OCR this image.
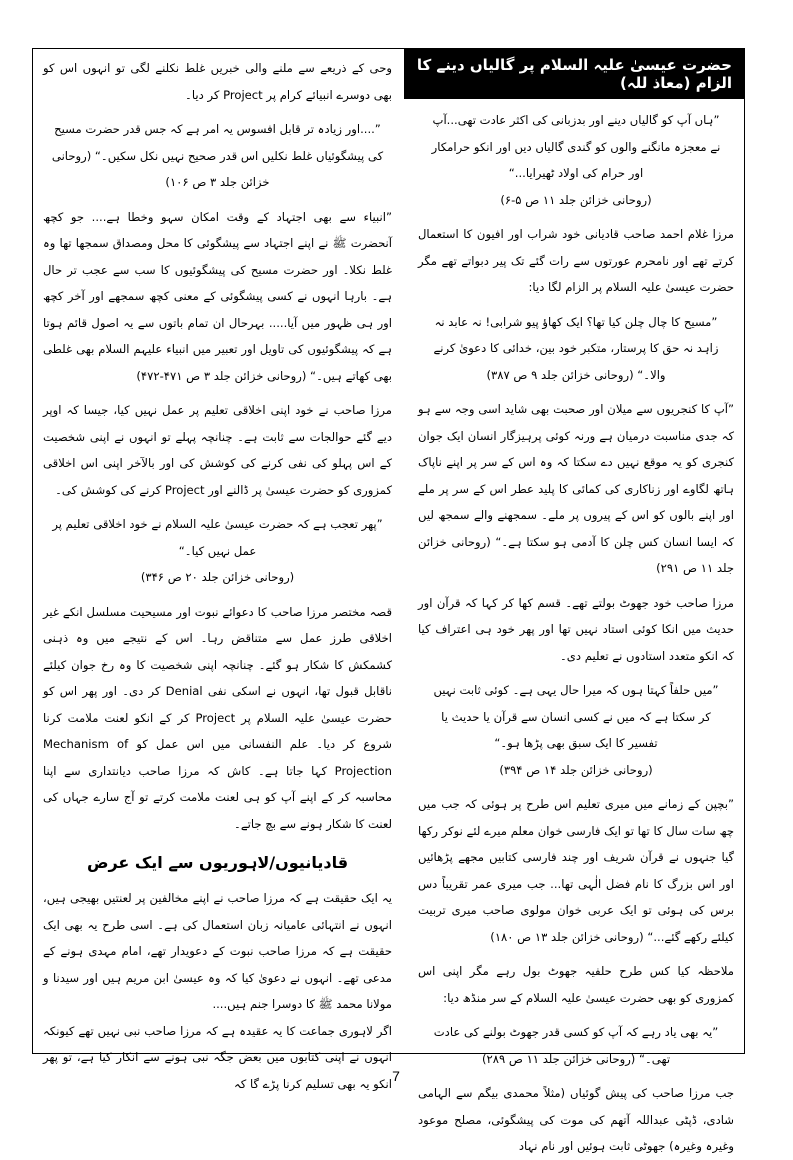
حضرت عیسیٰ علیہ السلام پر گالیاں دینے کا الزام (معاذ للہ)

”ہاں آپ کو گالیاں دینے اور بدزبانی کی اکثر عادت تھی...آپ نے معجزہ مانگنے والوں کو گندی گالیاں دیں اور انکو حرامکار اور حرام کی اولاد ٹھیرایا...“

(روحانی خزائن جلد ۱۱ ص ۵-۶)

مرزا غلام احمد صاحب قادیانی خود شراب اور افیون کا استعمال کرتے تھے اور نامحرم عورتوں سے رات گئے تک پیر دبواتے تھے مگر حضرت عیسیٰ علیہ السلام پر الزام لگا دیا:

”مسیح کا چال چلن کیا تھا؟ ایک کھاؤ پیو شرابی! نہ عابد نہ زاہد نہ حق کا پرستار، متکبر خود بین، خدائی کا دعویٰ کرنے والا۔“ (روحانی خزائن جلد ۹ ص ۳۸۷)

”آپ کا کنجریوں سے میلان اور صحبت بھی شاید اسی وجہ سے ہو کہ جدی مناسبت درمیان ہے ورنہ کوئی پرہیزگار انسان ایک جوان کنجری کو یہ موقع نہیں دے سکتا کہ وہ اس کے سر پر اپنے ناپاک ہاتھ لگاوے اور زناکاری کی کمائی کا پلید عطر اس کے سر پر ملے اور اپنے بالوں کو اس کے پیروں پر ملے۔ سمجھنے والے سمجھ لیں کہ ایسا انسان کس چلن کا آدمی ہو سکتا ہے۔“ (روحانی خزائن جلد ۱۱ ص ۲۹۱)

مرزا صاحب خود جھوٹ بولتے تھے۔ قسم کھا کر کہا کہ قرآن اور حدیث میں انکا کوئی استاد نہیں تھا اور پھر خود ہی اعتراف کیا کہ انکو متعدد استادوں نے تعلیم دی۔

”میں حلفاً کہتا ہوں کہ میرا حال یہی ہے۔ کوئی ثابت نہیں کر سکتا ہے کہ میں نے کسی انسان سے قرآن یا حدیث یا تفسیر کا ایک سبق بھی پڑھا ہو۔“

(روحانی خزائن جلد ۱۴ ص ۳۹۴)

”بچپن کے زمانے میں میری تعلیم اس طرح پر ہوئی کہ جب میں چھ سات سال کا تھا تو ایک فارسی خوان معلم میرے لئے نوکر رکھا گیا جنہوں نے قرآن شریف اور چند فارسی کتابیں مجھے پڑھائیں اور اس بزرگ کا نام فضل الٰہی تھا... جب میری عمر تقریباً دس برس کی ہوئی تو ایک عربی خوان مولوی صاحب میری تربیت کیلئے رکھے گئے...“ (روحانی خزائن جلد ۱۳ ص ۱۸۰)

ملاحظہ کیا کس طرح حلفیہ جھوٹ بول رہے مگر اپنی اس کمزوری کو بھی حضرت عیسیٰ علیہ السلام کے سر منڈھ دیا:

”یہ بھی یاد رہے کہ آپ کو کسی قدر جھوٹ بولنے کی عادت تھی۔“ (روحانی خزائن جلد ۱۱ ص ۲۸۹)

جب مرزا صاحب کی پیش گوئیاں (مثلاً محمدی بیگم سے الہامی شادی، ڈپٹی عبداللہ آتھم کی موت کی پیشگوئی، مصلح موعود وغیرہ وغیرہ) جھوٹی ثابت ہوئیں اور نام نہاد

وحی کے ذریعے سے ملنے والی خبریں غلط نکلنے لگی تو انہوں اس کو بھی دوسرے انبیائے کرام پر Project کر دیا۔

”....اور زیادہ تر قابل افسوس یہ امر ہے کہ جس قدر حضرت مسیح کی پیشگوئیاں غلط نکلیں اس قدر صحیح نہیں نکل سکیں۔“ (روحانی خزائن جلد ۳ ص ۱۰۶)

”انبیاء سے بھی اجتہاد کے وقت امکان سہو وخطا ہے.... جو کچھ آنحضرت ﷺ نے اپنے اجتہاد سے پیشگوئی کا محل ومصداق سمجھا تھا وہ غلط نکلا۔ اور حضرت مسیح کی پیشگوئیوں کا سب سے عجب تر حال ہے۔ بارہا انہوں نے کسی پیشگوئی کے معنی کچھ سمجھے اور آخر کچھ اور ہی ظہور میں آیا..... بہرحال ان تمام باتوں سے یہ اصول قائم ہوتا ہے کہ پیشگوئیوں کی تاویل اور تعبیر میں انبیاء علیہم السلام بھی غلطی بھی کھاتے ہیں۔“ (روحانی خزائن جلد ۳ ص ۴۷۱-۴۷۲)

مرزا صاحب نے خود اپنی اخلاقی تعلیم پر عمل نہیں کیا، جیسا کہ اوپر دیے گئے حوالجات سے ثابت ہے۔ چنانچہ پہلے تو انہوں نے اپنی شخصیت کے اس پہلو کی نفی کرنے کی کوشش کی اور بالآخر اپنی اس اخلاقی کمزوری کو حضرت عیسیٰ پر ڈالنے اور Project کرنے کی کوشش کی۔

”پھر تعجب ہے کہ حضرت عیسیٰ علیہ السلام نے خود اخلاقی تعلیم پر عمل نہیں کیا۔“

(روحانی خزائن جلد ۲۰ ص ۳۴۶)

قصہ مختصر مرزا صاحب کا دعوائے نبوت اور مسیحیت مسلسل انکے غیر اخلاقی طرز عمل سے متناقض رہا۔ اس کے نتیجے میں وہ ذہنی کشمکش کا شکار ہو گئے۔ چنانچہ اپنی شخصیت کا وہ رخ جوان کیلئے ناقابل قبول تھا، انہوں نے اسکی نفی Denial کر دی۔ اور پھر اس کو حضرت عیسیٰ علیہ السلام پر Project کر کے انکو لعنت ملامت کرنا شروع کر دیا۔ علم النفسانی میں اس عمل کو Mechanism of Projection کہا جاتا ہے۔ کاش کہ مرزا صاحب دیانتداری سے اپنا محاسبہ کر کے اپنے آپ کو ہی لعنت ملامت کرتے تو آج سارے جہاں کی لعنت کا شکار ہونے سے بچ جاتے۔

قادیانیوں/لاہوریوں سے ایک عرض

یہ ایک حقیقت ہے کہ مرزا صاحب نے اپنے مخالفین پر لعنتیں بھیجی ہیں، انہوں نے انتہائی عامیانہ زبان استعمال کی ہے۔ اسی طرح یہ بھی ایک حقیقت ہے کہ مرزا صاحب نبوت کے دعویدار تھے، امام مہدی ہونے کے مدعی تھے۔ انہوں نے دعویٰ کیا کہ وہ عیسیٰ ابن مریم ہیں اور سیدنا و مولانا محمد ﷺ کا دوسرا جنم ہیں....

اگر لاہوری جماعت کا یہ عقیدہ ہے کہ مرزا صاحب نبی نہیں تھے کیونکہ انہوں نے اپنی کتابوں میں بعض جگہ نبی ہونے سے انکار کیا ہے، تو پھر انکو یہ بھی تسلیم کرنا پڑے گا کہ 7
